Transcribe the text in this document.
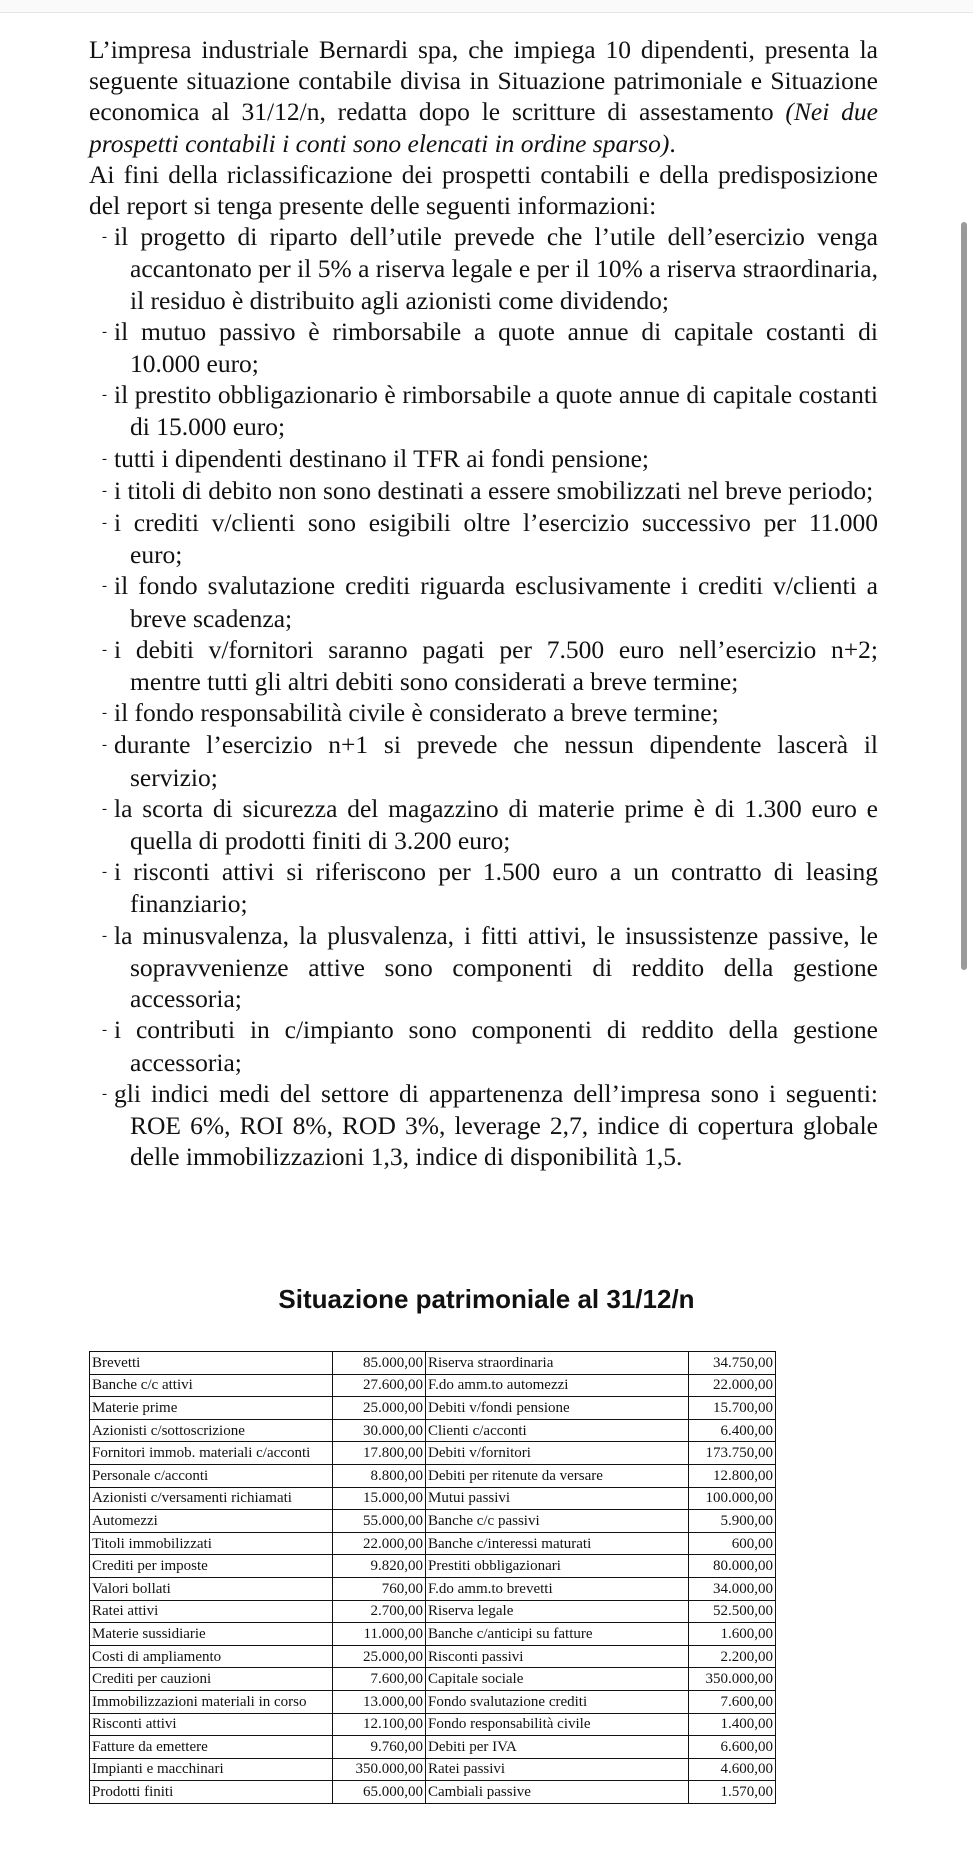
L’impresa industriale Bernardi spa, che impiega 10 dipendenti, presenta la seguente situazione contabile divisa in Situazione patrimoniale e Situazione economica al 31/12/n, redatta dopo le scritture di assestamento (Nei due prospetti contabili i conti sono elencati in ordine sparso).

Ai fini della riclassificazione dei prospetti contabili e della predisposizione del report si tenga presente delle seguenti informazioni:

- il progetto di riparto dell’utile prevede che l’utile dell’esercizio venga accantonato per il 5% a riserva legale e per il 10% a riserva straordinaria, il residuo è distribuito agli azionisti come dividendo;
- il mutuo passivo è rimborsabile a quote annue di capitale costanti di 10.000 euro;
- il prestito obbligazionario è rimborsabile a quote annue di capitale costanti di 15.000 euro;
- tutti i dipendenti destinano il TFR ai fondi pensione;
- i titoli di debito non sono destinati a essere smobilizzati nel breve periodo;
- i crediti v/clienti sono esigibili oltre l’esercizio successivo per 11.000 euro;
- il fondo svalutazione crediti riguarda esclusivamente i crediti v/clienti a breve scadenza;
- i debiti v/fornitori saranno pagati per 7.500 euro nell’esercizio n+2; mentre tutti gli altri debiti sono considerati a breve termine;
- il fondo responsabilità civile è considerato a breve termine;
- durante l’esercizio n+1 si prevede che nessun dipendente lascerà il servizio;
- la scorta di sicurezza del magazzino di materie prime è di 1.300 euro e quella di prodotti finiti di 3.200 euro;
- i risconti attivi si riferiscono per 1.500 euro a un contratto di leasing finanziario;
- la minusvalenza, la plusvalenza, i fitti attivi, le insussistenze passive, le sopravvenienze attive sono componenti di reddito della gestione accessoria;
- i contributi in c/impianto sono componenti di reddito della gestione accessoria;
- gli indici medi del settore di appartenenza dell’impresa sono i seguenti: ROE 6%, ROI 8%, ROD 3%, leverage 2,7, indice di copertura globale delle immobilizzazioni 1,3, indice di disponibilità 1,5.
Situazione patrimoniale al 31/12/n
Brevetti	85.000,00	Riserva straordinaria	34.750,00
Banche c/c attivi	27.600,00	F.do amm.to automezzi	22.000,00
Materie prime	25.000,00	Debiti v/fondi pensione	15.700,00
Azionisti c/sottoscrizione	30.000,00	Clienti c/acconti	6.400,00
Fornitori immob. materiali c/acconti	17.800,00	Debiti v/fornitori	173.750,00
Personale c/acconti	8.800,00	Debiti per ritenute da versare	12.800,00
Azionisti c/versamenti richiamati	15.000,00	Mutui passivi	100.000,00
Automezzi	55.000,00	Banche c/c passivi	5.900,00
Titoli immobilizzati	22.000,00	Banche c/interessi maturati	600,00
Crediti per imposte	9.820,00	Prestiti obbligazionari	80.000,00
Valori bollati	760,00	F.do amm.to brevetti	34.000,00
Ratei attivi	2.700,00	Riserva legale	52.500,00
Materie sussidiarie	11.000,00	Banche c/anticipi su fatture	1.600,00
Costi di ampliamento	25.000,00	Risconti passivi	2.200,00
Crediti per cauzioni	7.600,00	Capitale sociale	350.000,00
Immobilizzazioni materiali in corso	13.000,00	Fondo svalutazione crediti	7.600,00
Risconti attivi	12.100,00	Fondo responsabilità civile	1.400,00
Fatture da emettere	9.760,00	Debiti per IVA	6.600,00
Impianti e macchinari	350.000,00	Ratei passivi	4.600,00
Prodotti finiti	65.000,00	Cambiali passive	1.570,00
